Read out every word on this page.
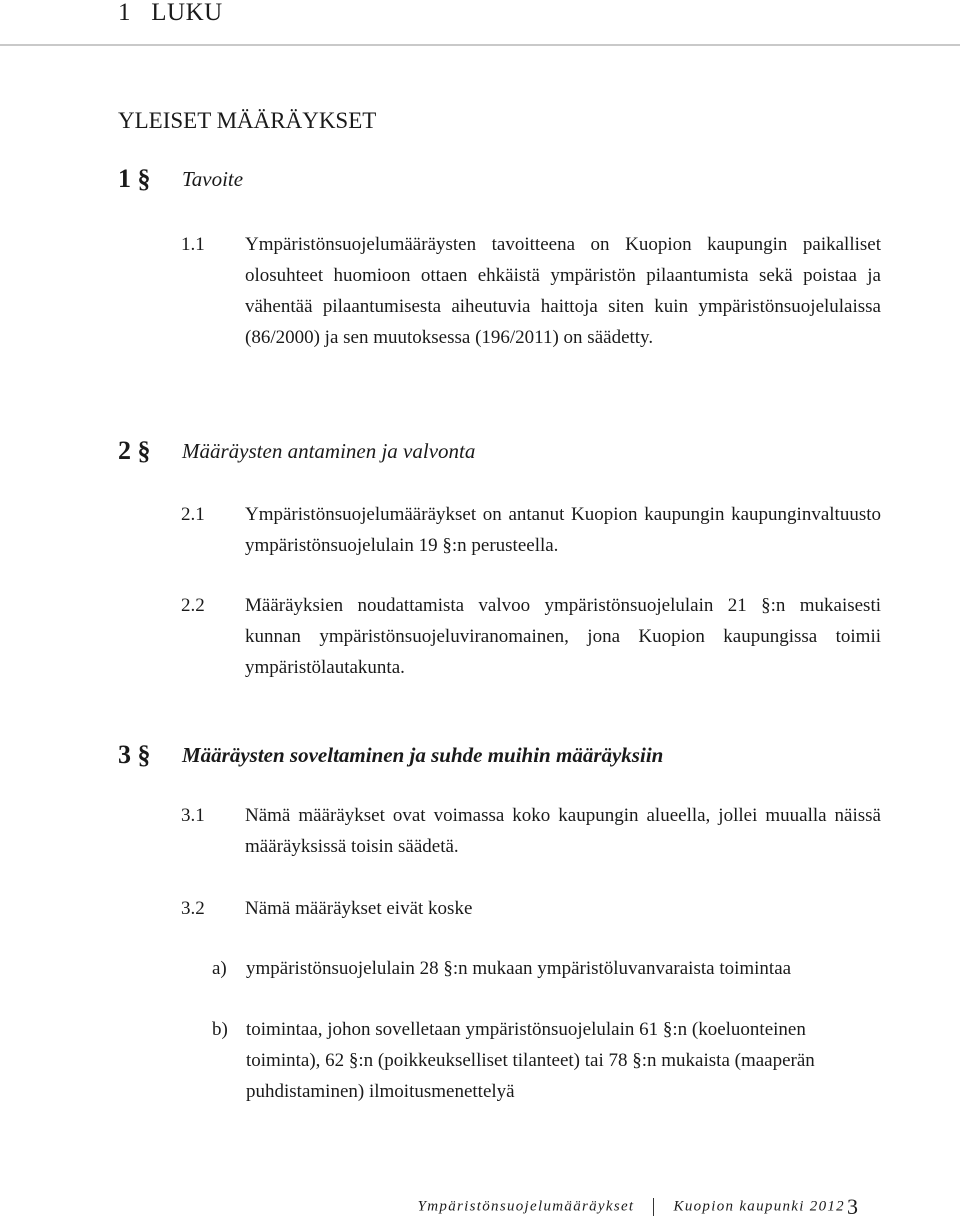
1   LUKU
YLEISET MÄÄRÄYKSET
1 §	Tavoite
1.1	Ympäristönsuojelumääräysten tavoitteena on Kuopion kaupungin paikalliset olosuhteet huomioon ottaen ehkäistä ympäristön pilaantumista sekä poistaa ja vähentää pilaantumisesta aiheutuvia haittoja siten kuin ympäristönsuojelulaissa (86/2000) ja sen muutoksessa (196/2011) on säädetty.
2 §	Määräysten antaminen ja valvonta
2.1	Ympäristönsuojelumääräykset on antanut Kuopion kaupungin kaupunginvaltuusto ympäristönsuojelulain 19 §:n perusteella.
2.2	Määräyksien noudattamista valvoo ympäristönsuojelulain 21 §:n mukaisesti kunnan ympäristönsuojeluviranomainen, jona Kuopion kaupungissa toimii ympäristölautakunta.
3 §	Määräysten soveltaminen ja suhde muihin määräyksiin
3.1	Nämä määräykset ovat voimassa koko kaupungin alueella, jollei muualla näissä määräyksissä toisin säädetä.
3.2	Nämä määräykset eivät koske
a)	ympäristönsuojelulain 28 §:n mukaan ympäristöluvanvaraista toimintaa
b) toimintaa, johon sovelletaan ympäristönsuojelulain 61 §:n (koeluonteinen toiminta), 62 §:n (poikkeukselliset tilanteet) tai 78 §:n mukaista (maaperän puhdistaminen) ilmoitusmenettelyä
Ympäristönsuojelumääräykset	Kuopion kaupunki 2012 3
